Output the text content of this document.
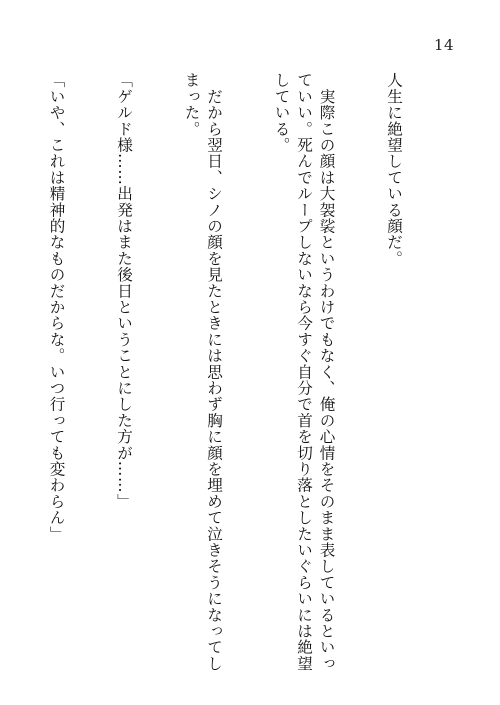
14

人生に絶望している顔だ。

　実際この顔は大袈裟というわけでもなく、俺の心情をそのまま表しているといっていい。死んでループしないなら今すぐ自分で首を切り落としたいぐらいには絶望している。

　だから翌日、シノの顔を見たときには思わず胸に顔を埋めて泣きそうになってしまった。

「ゲルド様……出発はまた後日ということにした方が……」

「いや、これは精神的なものだからな。いつ行っても変わらん」
